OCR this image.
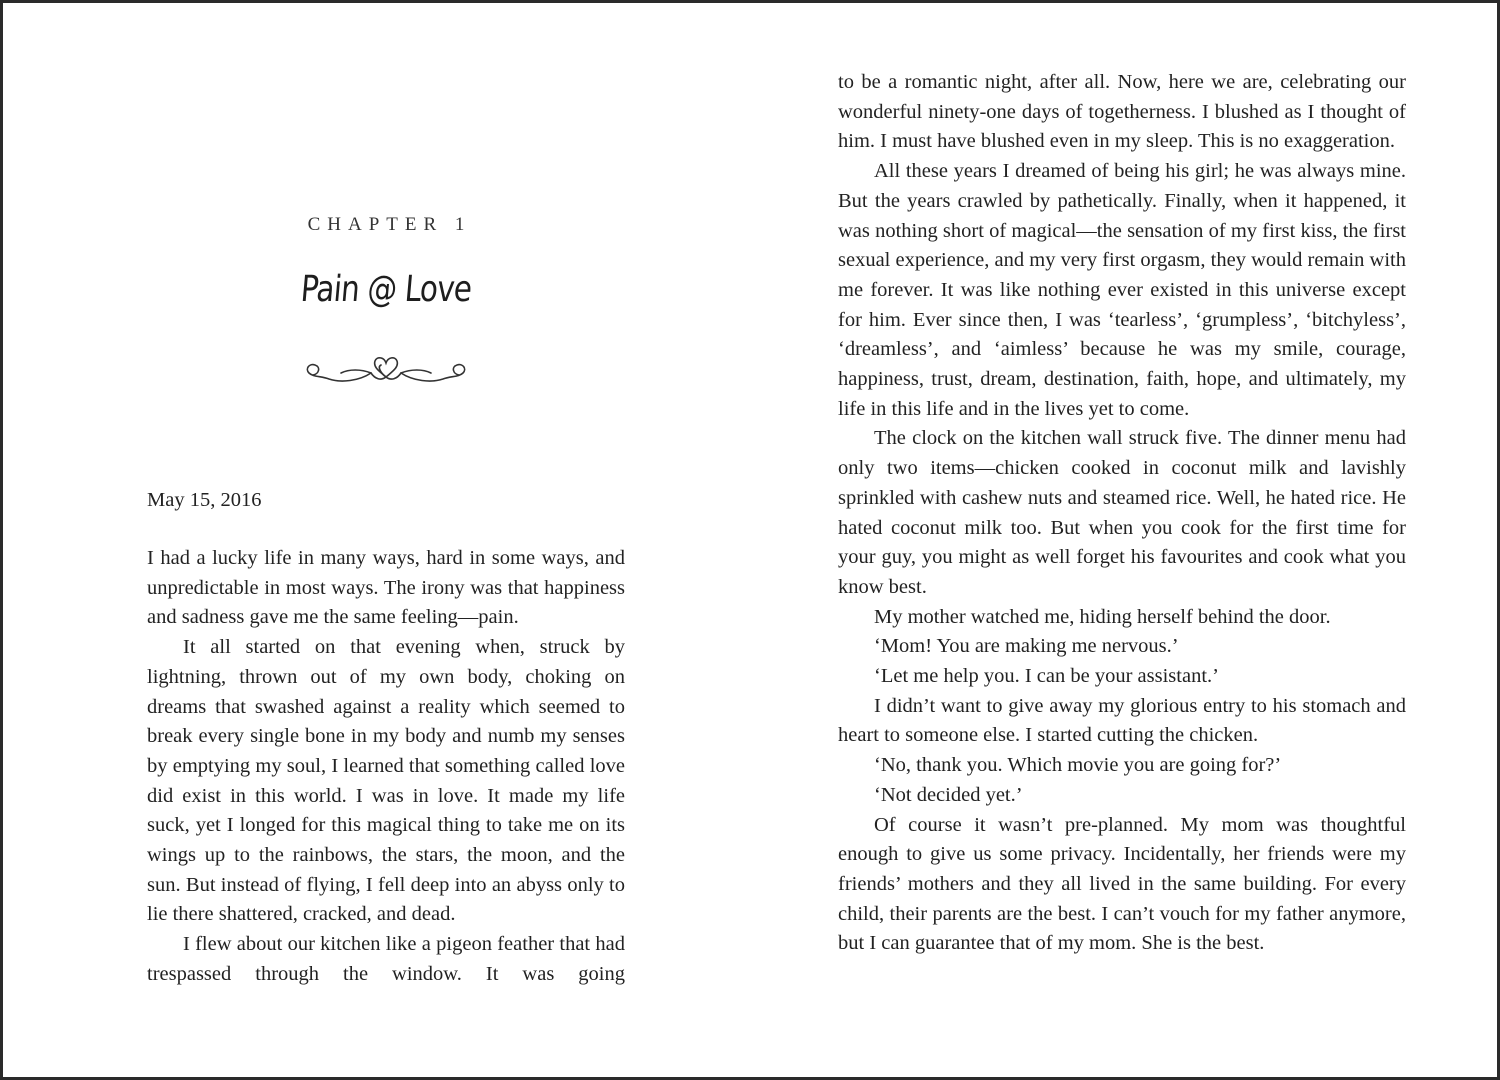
CHAPTER 1
Pain @ Love
May 15, 2016

I had a lucky life in many ways, hard in some ways, and unpredictable in most ways. The irony was that happiness and sadness gave me the same feeling—pain.

It all started on that evening when, struck by lightning, thrown out of my own body, choking on dreams that swashed against a reality which seemed to break every single bone in my body and numb my senses by emptying my soul, I learned that something called love did exist in this world. I was in love. It made my life suck, yet I longed for this magical thing to take me on its wings up to the rainbows, the stars, the moon, and the sun. But instead of flying, I fell deep into an abyss only to lie there shattered, cracked, and dead.

I flew about our kitchen like a pigeon feather that had trespassed through the window. It was going

to be a romantic night, after all. Now, here we are, celebrating our wonderful ninety-one days of togetherness. I blushed as I thought of him. I must have blushed even in my sleep. This is no exaggeration.

All these years I dreamed of being his girl; he was always mine. But the years crawled by pathetically. Finally, when it happened, it was nothing short of magical—the sensation of my first kiss, the first sexual experience, and my very first orgasm, they would remain with me forever. It was like nothing ever existed in this universe except for him. Ever since then, I was ‘tearless’, ‘grumpless’, ‘bitchyless’, ‘dreamless’, and ‘aimless’ because he was my smile, courage, happiness, trust, dream, destination, faith, hope, and ultimately, my life in this life and in the lives yet to come.

The clock on the kitchen wall struck five. The dinner menu had only two items—chicken cooked in coconut milk and lavishly sprinkled with cashew nuts and steamed rice. Well, he hated rice. He hated coconut milk too. But when you cook for the first time for your guy, you might as well forget his favourites and cook what you know best.

My mother watched me, hiding herself behind the door.

‘Mom! You are making me nervous.’

‘Let me help you. I can be your assistant.’

I didn’t want to give away my glorious entry to his stomach and heart to someone else. I started cutting the chicken.

‘No, thank you. Which movie you are going for?’

‘Not decided yet.’

Of course it wasn’t pre-planned. My mom was thoughtful enough to give us some privacy. Incidentally, her friends were my friends’ mothers and they all lived in the same building. For every child, their parents are the best. I can’t vouch for my father anymore, but I can guarantee that of my mom. She is the best.
